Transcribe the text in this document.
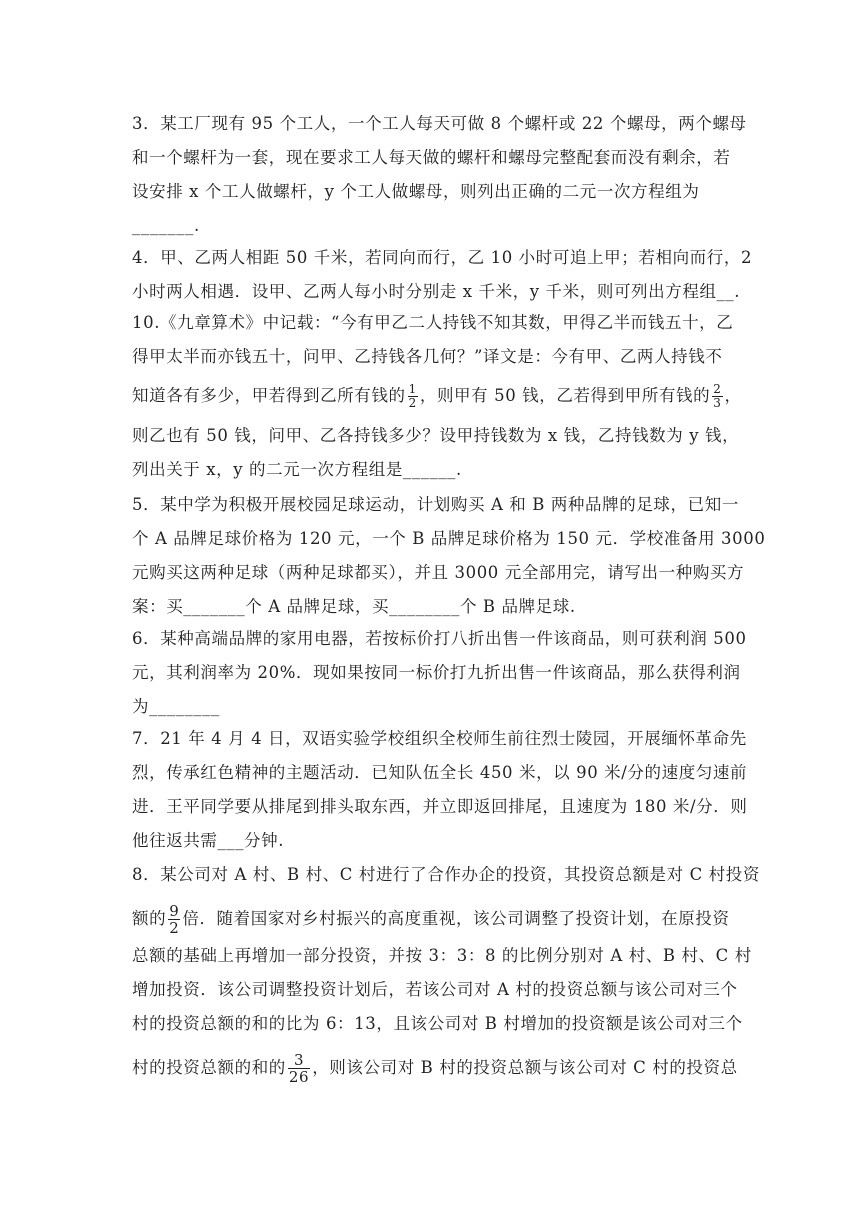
3．某工厂现有 95 个工人，一个工人每天可做 8 个螺杆或 22 个螺母，两个螺母
和一个螺杆为一套，现在要求工人每天做的螺杆和螺母完整配套而没有剩余，若
设安排 x 个工人做螺杆，y 个工人做螺母，则列出正确的二元一次方程组为
_______.
4．甲、乙两人相距 50 千米，若同向而行，乙 10 小时可追上甲；若相向而行，2
小时两人相遇．设甲、乙两人每小时分别走 x 千米，y 千米，则可列出方程组__.
10.《九章算术》中记载：“今有甲乙二人持钱不知其数，甲得乙半而钱五十，乙
得甲太半而亦钱五十，问甲、乙持钱各几何？”译文是：今有甲、乙两人持钱不
知道各有多少，甲若得到乙所有钱的 $\frac{1}{2}$ ，则甲有 50 钱，乙若得到甲所有钱的 $\frac{2}{3}$ ，
则乙也有 50 钱，问甲、乙各持钱多少？设甲持钱数为 x 钱，乙持钱数为 y 钱，
列出关于 x，y 的二元一次方程组是______.
5．某中学为积极开展校园足球运动，计划购买 A 和 B 两种品牌的足球，已知一
个 A 品牌足球价格为 120 元，一个 B 品牌足球价格为 150 元．学校准备用 3000
元购买这两种足球（两种足球都买），并且 3000 元全部用完，请写出一种购买方
案：买_______个 A 品牌足球，买________个 B 品牌足球.
6．某种高端品牌的家用电器，若按标价打八折出售一件该商品，则可获利润 500
元，其利润率为 20%．现如果按同一标价打九折出售一件该商品，那么获得利润
为________
7．21 年 4 月 4 日，双语实验学校组织全校师生前往烈士陵园，开展缅怀革命先
烈，传承红色精神的主题活动．已知队伍全长 450 米，以 90 米/分的速度匀速前
进．王平同学要从排尾到排头取东西，并立即返回排尾，且速度为 180 米/分．则
他往返共需___分钟.
8．某公司对 A 村、B 村、C 村进行了合作办企的投资，其投资总额是对 C 村投资
额的 $\frac{9}{2}$ 倍．随着国家对乡村振兴的高度重视，该公司调整了投资计划，在原投资
总额的基础上再增加一部分投资，并按 3：3：8 的比例分别对 A 村、B 村、C 村
增加投资．该公司调整投资计划后，若该公司对 A 村的投资总额与该公司对三个
村的投资总额的和的比为 6：13，且该公司对 B 村增加的投资额是该公司对三个
村的投资总额的和的 $\frac{3}{26}$ ，则该公司对 B 村的投资总额与该公司对 C 村的投资总
